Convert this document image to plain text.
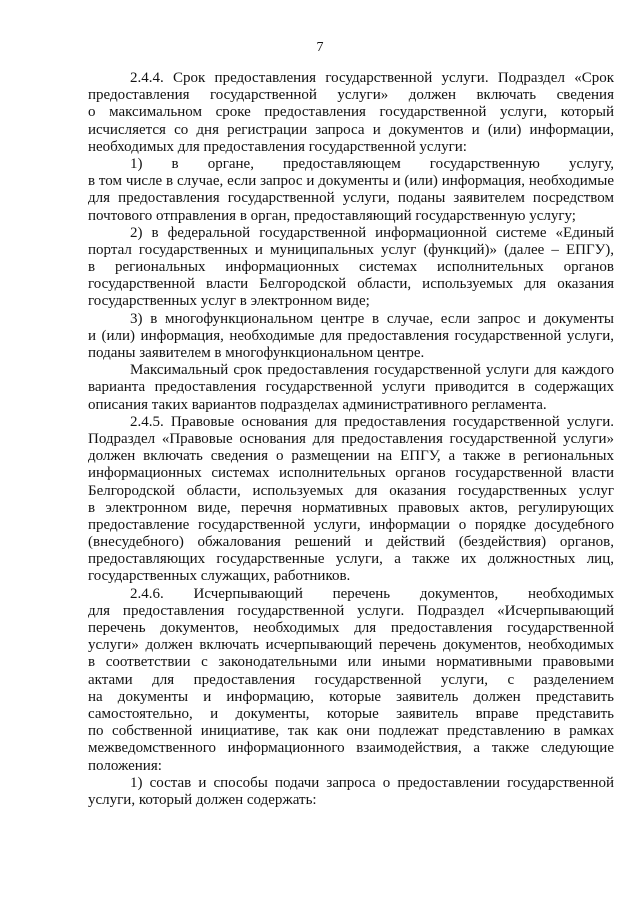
7
2.4.4. Срок предоставления государственной услуги. Подраздел «Срок
предоставления государственной услуги» должен включать сведения
о максимальном сроке предоставления государственной услуги, который
исчисляется со дня регистрации запроса и документов и (или) информации,
необходимых для предоставления государственной услуги:
1) в органе, предоставляющем государственную услугу,
в том числе в случае, если запрос и документы и (или) информация, необходимые
для предоставления государственной услуги, поданы заявителем посредством
почтового отправления в орган, предоставляющий государственную услугу;
2) в федеральной государственной информационной системе «Единый
портал государственных и муниципальных услуг (функций)» (далее – ЕПГУ),
в региональных информационных системах исполнительных органов
государственной власти Белгородской области, используемых для оказания
государственных услуг в электронном виде;
3) в многофункциональном центре в случае, если запрос и документы
и (или) информация, необходимые для предоставления государственной услуги,
поданы заявителем в многофункциональном центре.
Максимальный срок предоставления государственной услуги для каждого
варианта предоставления государственной услуги приводится в содержащих
описания таких вариантов подразделах административного регламента.
2.4.5. Правовые основания для предоставления государственной услуги.
Подраздел «Правовые основания для предоставления государственной услуги»
должен включать сведения о размещении на ЕПГУ, а также в региональных
информационных системах исполнительных органов государственной власти
Белгородской области, используемых для оказания государственных услуг
в электронном виде, перечня нормативных правовых актов, регулирующих
предоставление государственной услуги, информации о порядке досудебного
(внесудебного) обжалования решений и действий (бездействия) органов,
предоставляющих государственные услуги, а также их должностных лиц,
государственных служащих, работников.
2.4.6. Исчерпывающий перечень документов, необходимых
для предоставления государственной услуги. Подраздел «Исчерпывающий
перечень документов, необходимых для предоставления государственной
услуги» должен включать исчерпывающий перечень документов, необходимых
в соответствии с законодательными или иными нормативными правовыми
актами для предоставления государственной услуги, с разделением
на документы и информацию, которые заявитель должен представить
самостоятельно, и документы, которые заявитель вправе представить
по собственной инициативе, так как они подлежат представлению в рамках
межведомственного информационного взаимодействия, а также следующие
положения:
1) состав и способы подачи запроса о предоставлении государственной
услуги, который должен содержать:
